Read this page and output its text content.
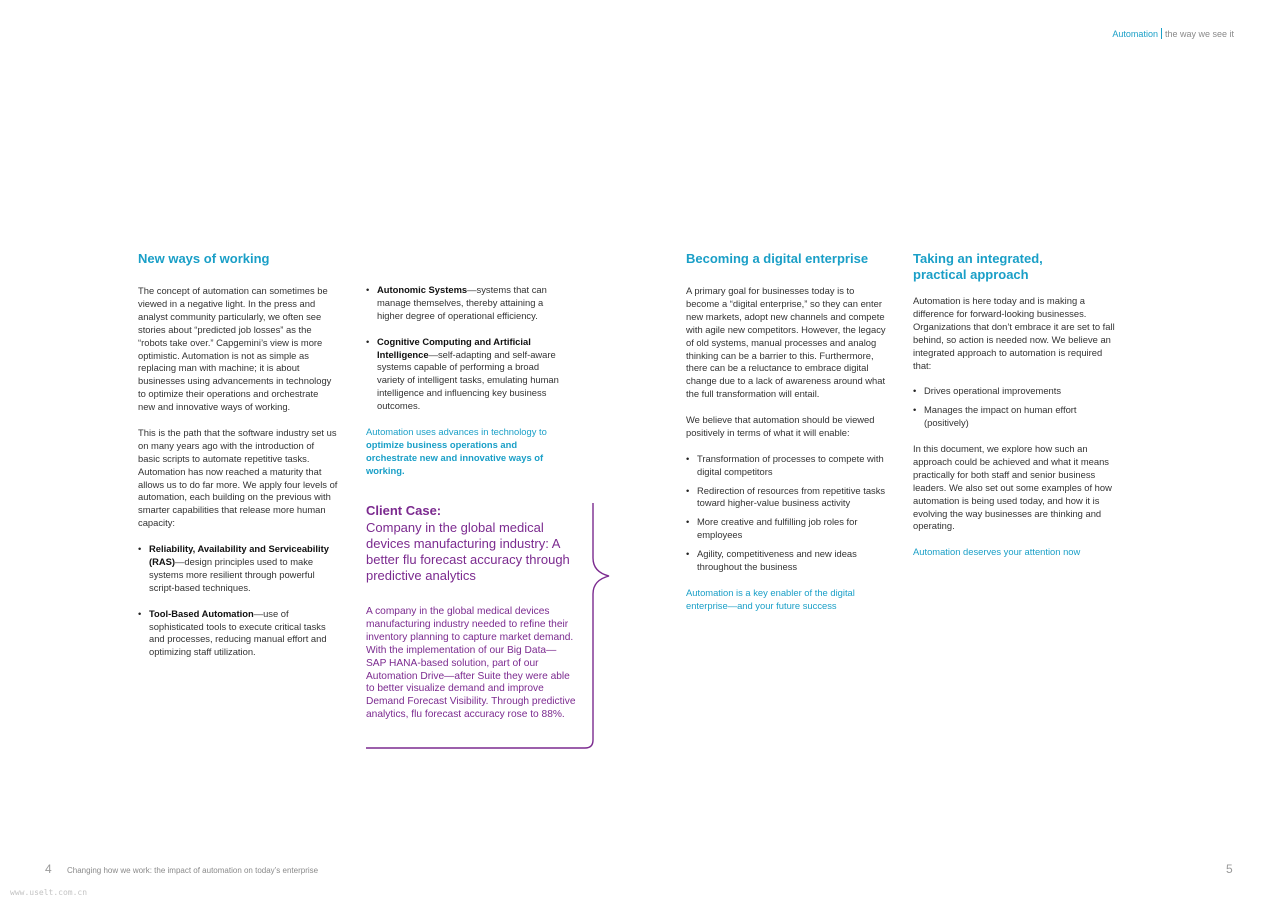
Automation the way we see it
New ways of working

The concept of automation can sometimes be viewed in a negative light. In the press and analyst community particularly, we often see stories about “predicted job losses” as the “robots take over.” Capgemini’s view is more optimistic. Automation is not as simple as replacing man with machine; it is about businesses using advancements in technology to optimize their operations and orchestrate new and innovative ways of working.

This is the path that the software industry set us on many years ago with the introduction of basic scripts to automate repetitive tasks. Automation has now reached a maturity that allows us to do far more. We apply four levels of automation, each building on the previous with smarter capabilities that release more human capacity:

• Reliability, Availability and Serviceability (RAS)—design principles used to make systems more resilient through powerful script-based techniques.
• Tool-Based Automation—use of sophisticated tools to execute critical tasks and processes, reducing manual effort and optimizing staff utilization.
• Autonomic Systems—systems that can manage themselves, thereby attaining a higher degree of operational efficiency.
• Cognitive Computing and Artificial Intelligence—self-adapting and self-aware systems capable of performing a broad variety of intelligent tasks, emulating human intelligence and influencing key business outcomes.

Automation uses advances in technology to optimize business operations and orchestrate new and innovative ways of working.

Client Case:
Company in the global medical devices manufacturing industry: A better flu forecast accuracy through predictive analytics
A company in the global medical devices manufacturing industry needed to refine their inventory planning to capture market demand. With the implementation of our Big Data—SAP HANA-based solution, part of our Automation Drive—after Suite they were able to better visualize demand and improve Demand Forecast Visibility. Through predictive analytics, flu forecast accuracy rose to 88%.
Becoming a digital enterprise

A primary goal for businesses today is to become a “digital enterprise,” so they can enter new markets, adopt new channels and compete with agile new competitors. However, the legacy of old systems, manual processes and analog thinking can be a barrier to this. Furthermore, there can be a reluctance to embrace digital change due to a lack of awareness around what the full transformation will entail.

We believe that automation should be viewed positively in terms of what it will enable:

• Transformation of processes to compete with digital competitors
• Redirection of resources from repetitive tasks toward higher-value business activity
• More creative and fulfilling job roles for employees
• Agility, competitiveness and new ideas throughout the business

Automation is a key enabler of the digital enterprise—and your future success

Taking an integrated, practical approach

Automation is here today and is making a difference for forward-looking businesses. Organizations that don’t embrace it are set to fall behind, so action is needed now. We believe an integrated approach to automation is required that:

• Drives operational improvements
• Manages the impact on human effort (positively)

In this document, we explore how such an approach could be achieved and what it means practically for both staff and senior business leaders. We also set out some examples of how automation is being used today, and how it is evolving the way businesses are thinking and operating.

Automation deserves your attention now

4 Changing how we work: the impact of automation on today’s enterprise	5
www.uselt.com.cn
